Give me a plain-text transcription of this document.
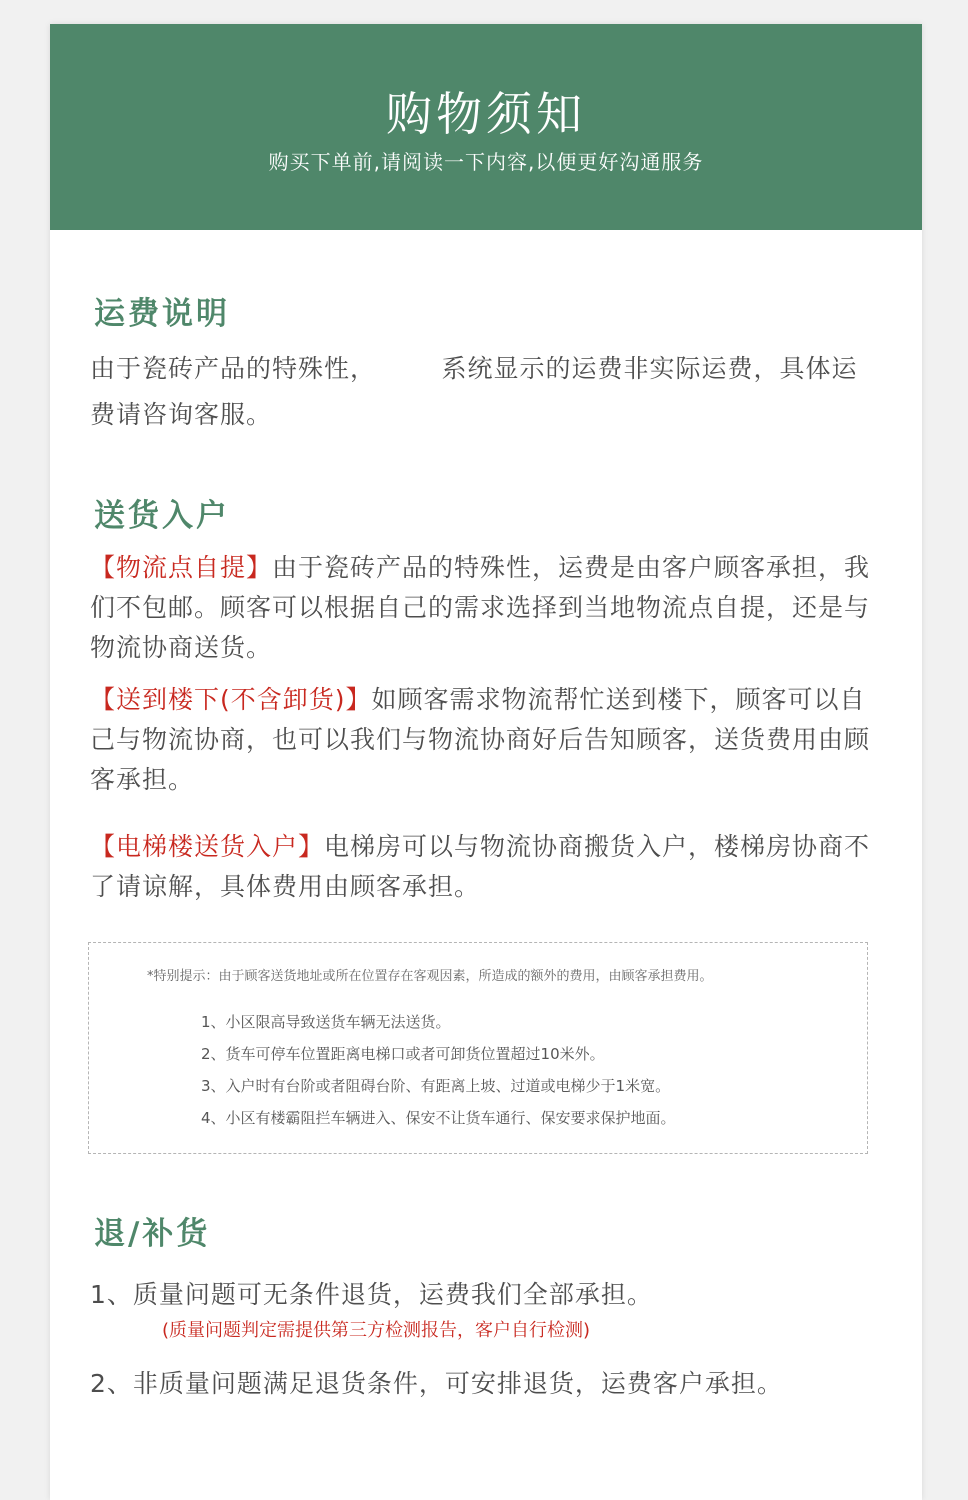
购物须知
购买下单前,请阅读一下内容,以便更好沟通服务
运费说明
由于瓷砖产品的特殊性，　　　系统显示的运费非实际运费，具体运费请咨询客服。
送货入户
【物流点自提】由于瓷砖产品的特殊性，运费是由客户顾客承担，我们不包邮。顾客可以根据自己的需求选择到当地物流点自提，还是与物流协商送货。
【送到楼下(不含卸货)】如顾客需求物流帮忙送到楼下，顾客可以自己与物流协商，也可以我们与物流协商好后告知顾客，送货费用由顾客承担。
【电梯楼送货入户】电梯房可以与物流协商搬货入户，楼梯房协商不了请谅解，具体费用由顾客承担。
*特别提示：由于顾客送货地址或所在位置存在客观因素，所造成的额外的费用，由顾客承担费用。
1、小区限高导致送货车辆无法送货。
2、货车可停车位置距离电梯口或者可卸货位置超过10米外。
3、入户时有台阶或者阻碍台阶、有距离上坡、过道或电梯少于1米宽。
4、小区有楼霸阻拦车辆进入、保安不让货车通行、保安要求保护地面。
退/补货
1、质量问题可无条件退货，运费我们全部承担。
(质量问题判定需提供第三方检测报告，客户自行检测)
2、非质量问题满足退货条件，可安排退货，运费客户承担。
